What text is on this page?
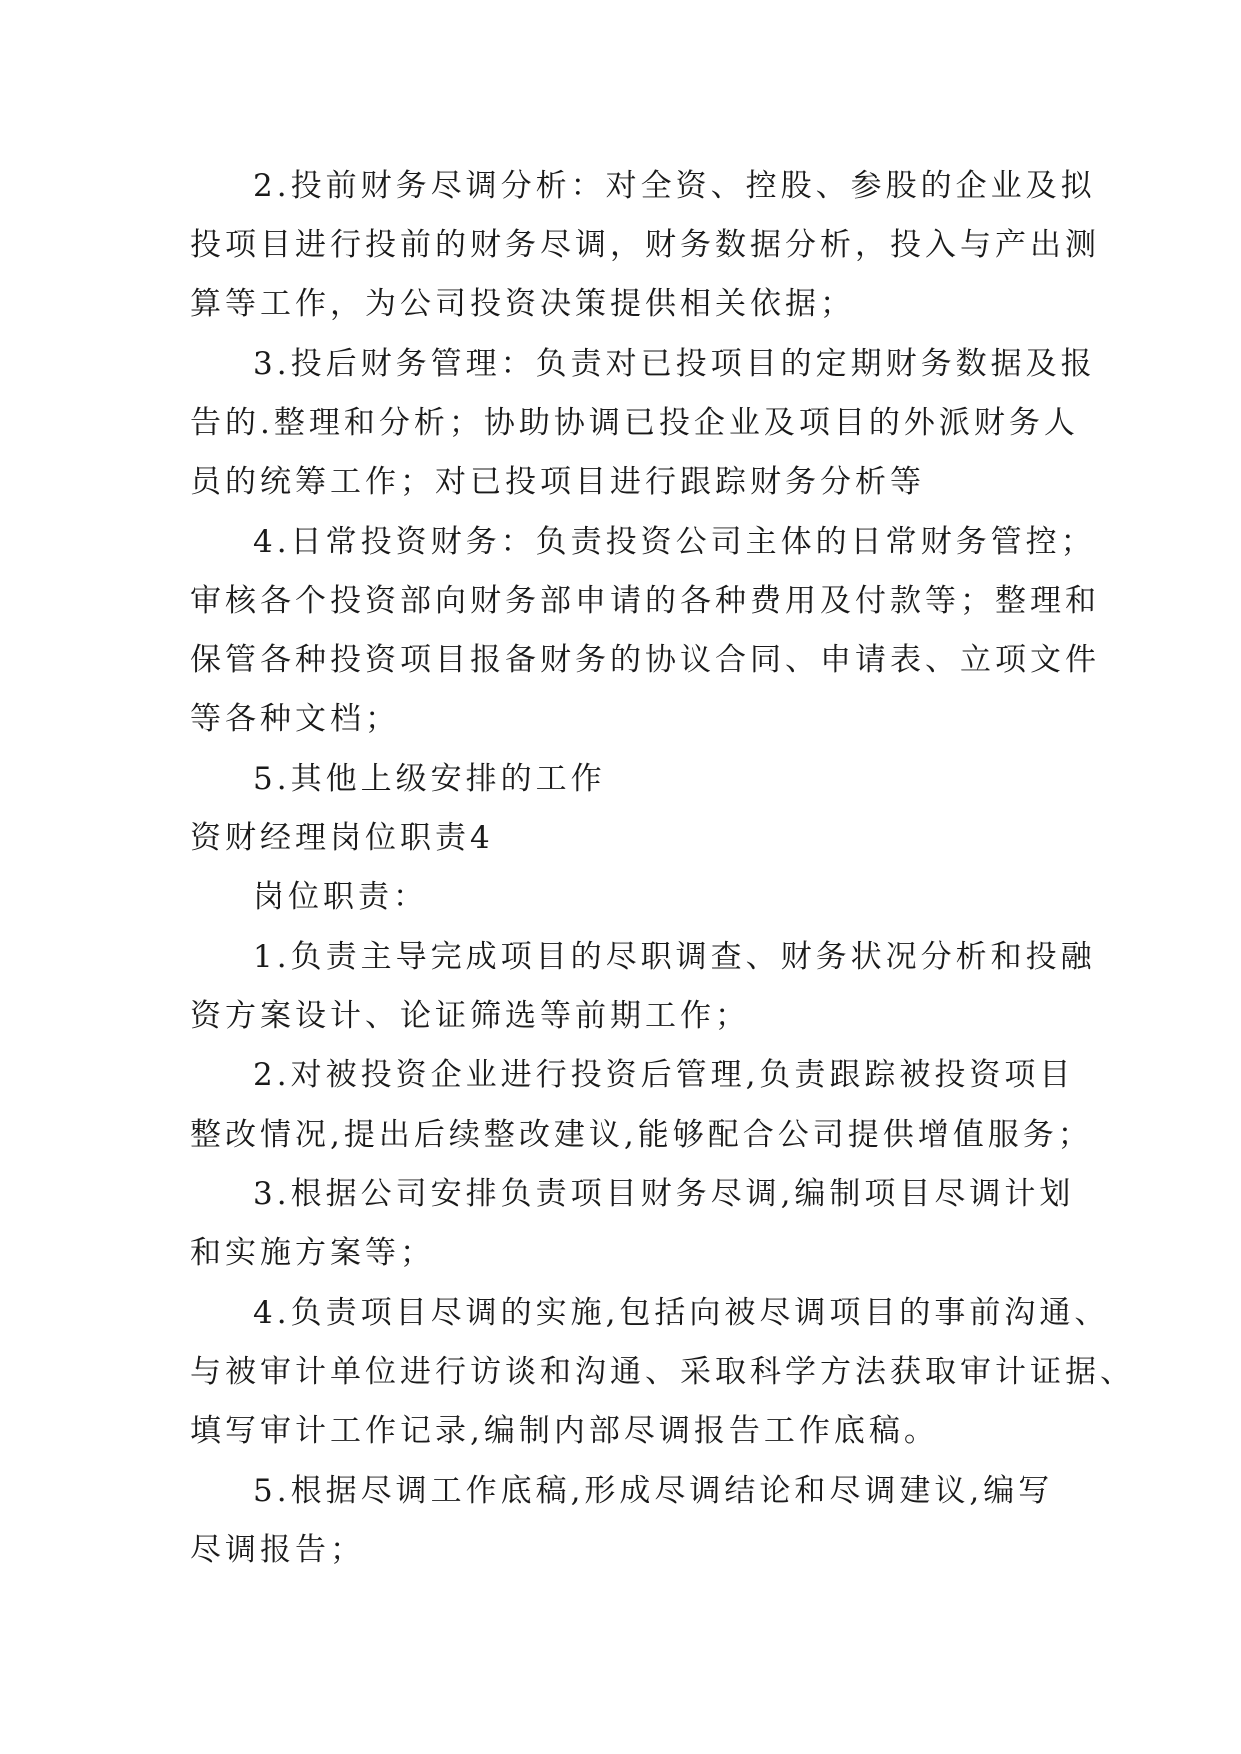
2.投前财务尽调分析：对全资、控股、参股的企业及拟
投项目进行投前的财务尽调，财务数据分析，投入与产出测
算等工作，为公司投资决策提供相关依据；
3.投后财务管理：负责对已投项目的定期财务数据及报
告的.整理和分析；协助协调已投企业及项目的外派财务人
员的统筹工作；对已投项目进行跟踪财务分析等
4.日常投资财务：负责投资公司主体的日常财务管控；
审核各个投资部向财务部申请的各种费用及付款等；整理和
保管各种投资项目报备财务的协议合同、申请表、立项文件
等各种文档；
5.其他上级安排的工作
资财经理岗位职责4
岗位职责：
1.负责主导完成项目的尽职调查、财务状况分析和投融
资方案设计、论证筛选等前期工作；
2.对被投资企业进行投资后管理,负责跟踪被投资项目
整改情况,提出后续整改建议,能够配合公司提供增值服务；
3.根据公司安排负责项目财务尽调,编制项目尽调计划
和实施方案等；
4.负责项目尽调的实施,包括向被尽调项目的事前沟通、
与被审计单位进行访谈和沟通、采取科学方法获取审计证据、
填写审计工作记录,编制内部尽调报告工作底稿。
5.根据尽调工作底稿,形成尽调结论和尽调建议,编写
尽调报告；
